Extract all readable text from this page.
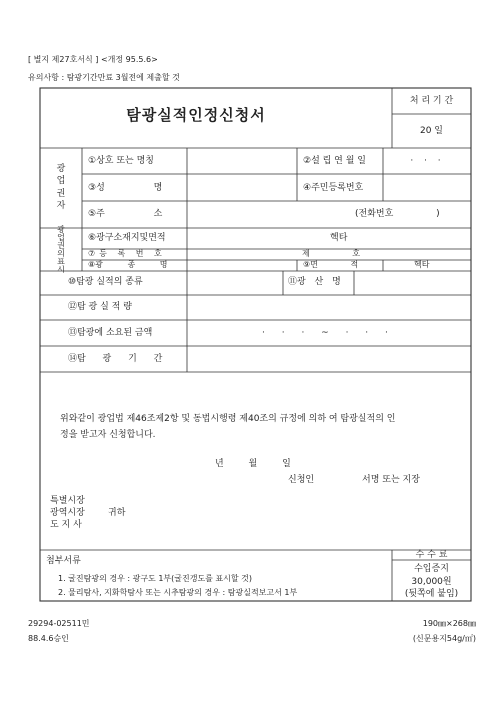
[ 별지 제27호서식 ] <개정 95.5.6>
유의사항 : 탐광기간만료 3월전에 제출할 것
탐광실적인정신청서
처 리 기 간
20 일
광
업
권
자
①상호 또는 명칭	②설 립 연 월 일	· · ·
③성 명	④주민등록번호
⑤주 소	(전화번호 )
광
업
권
의
표
시
⑥광구소재지및면적	헥타
⑦등 록 번 호	제 호
⑧광 종 명	⑨면 적	헥타
⑩탐광 실적의 종류	⑪광 산 명
⑫탐 광 실 적 량
⑬탐광에 소요된 금액	· · · ~ · · ·
⑭탐 광 기 간
위와같이 광업법 제46조제2항 및 동법시행령 제40조의 규정에 의하 여 탐광실적의 인
정을 받고자 신청합니다.
년 월 일
신청인	서명 또는 지장
특별시장
광역시장	귀하
도 지 사
첨부서류
1. 굴진탐광의 경우 : 광구도 1부(굴진갱도를 표시할 것)
2. 물리탐사, 지화학탐사 또는 시추탐광의 경우 : 탐광실적보고서 1부
수 수 료
수입증지
30,000원
(뒷쪽에 붙임)
29294-02511민
88.4.6승인
190㎜×268㎜
(신문용지54g/㎡)
